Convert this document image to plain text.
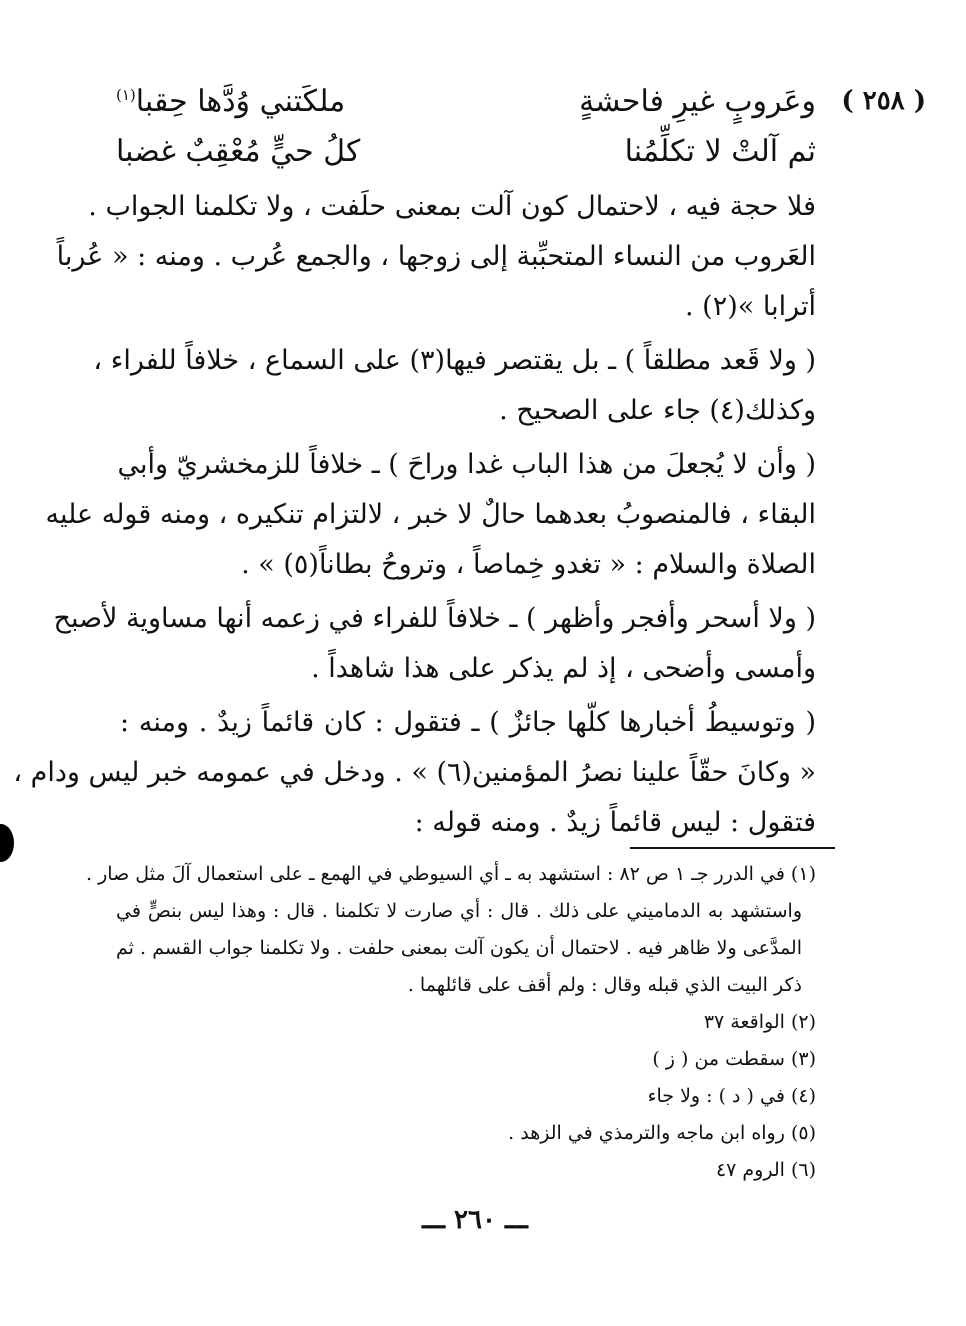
( ٢٥٨ )
وعَروبٍ غيرِ فاحشةٍ
ملكَتني وُدَّها حِقبا$^{(١)}$
ثم آلتْ لا تكلِّمُنا
كلُ حيٍّ مُعْقِبٌ غضبا
فلا حجة فيه ، لاحتمال كون آلت بمعنى حلَفت ، ولا تكلمنا الجواب .
العَروب من النساء المتحبِّبة إلى زوجها ، والجمع عُرب . ومنه : « عُرباً
أترابا »(٢) .
( ولا قَعد مطلقاً ) ـ بل يقتصر فيها(٣) على السماع ، خلافاً للفراء ،
وكذلك(٤) جاء على الصحيح .
( وأن لا يُجعلَ من هذا الباب غدا وراحَ ) ـ خلافاً للزمخشريّ وأبي
البقاء ، فالمنصوبُ بعدهما حالٌ لا خبر ، لالتزام تنكيره ، ومنه قوله عليه
الصلاة والسلام : « تغدو خِماصاً ، وتروحُ بطاناً(٥) » .
( ولا أسحر وأفجر وأظهر ) ـ خلافاً للفراء في زعمه أنها مساوية لأصبح
وأمسى وأضحى ، إذ لم يذكر على هذا شاهداً .
( وتوسيطُ أخبارها كلّها جائزٌ ) ـ فتقول : كان قائماً زيدٌ . ومنه :
« وكانَ حقّاً علينا نصرُ المؤمنين(٦) » . ودخل في عمومه خبر ليس ودام ،
فتقول : ليس قائماً زيدٌ . ومنه قوله :
(١) في الدرر جـ ١ ص ٨٢ : استشهد به ـ أي السيوطي في الهمع ـ على استعمال آلَ مثل صار .
واستشهد به الدماميني على ذلك . قال : أي صارت لا تكلمنا . قال : وهذا ليس بنصٍّ في
المدَّعى ولا ظاهر فيه . لاحتمال أن يكون آلت بمعنى حلفت . ولا تكلمنا جواب القسم . ثم
ذكر البيت الذي قبله وقال : ولم أقف على قائلهما .
(٢) الواقعة ٣٧
(٣) سقطت من ( ز )
(٤) في ( د ) : ولا جاء
(٥) رواه ابن ماجه والترمذي في الزهد .
(٦) الروم ٤٧
ـــ ٢٦٠ ـــ
